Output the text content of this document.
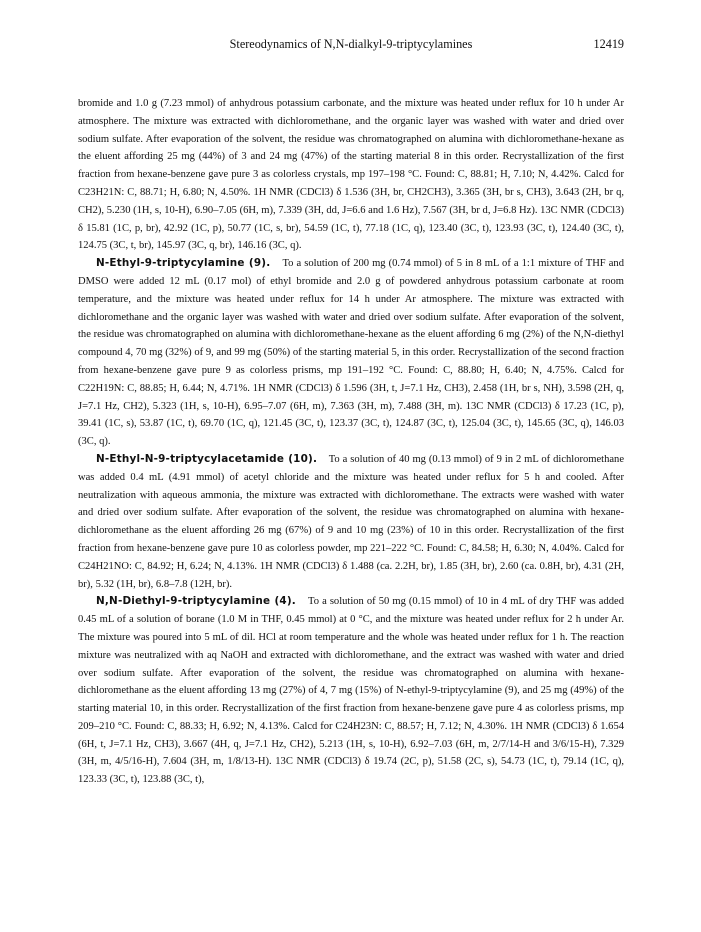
Stereodynamics of N,N-dialkyl-9-triptycylamines	12419

bromide and 1.0 g (7.23 mmol) of anhydrous potassium carbonate, and the mixture was heated under reflux for 10 h under Ar atmosphere. The mixture was extracted with dichloromethane, and the organic layer was washed with water and dried over sodium sulfate. After evaporation of the solvent, the residue was chromatographed on alumina with dichloromethane-hexane as the eluent affording 25 mg (44%) of 3 and 24 mg (47%) of the starting material 8 in this order. Recrystallization of the first fraction from hexane-benzene gave pure 3 as colorless crystals, mp 197–198 °C. Found: C, 88.81; H, 7.10; N, 4.42%. Calcd for C23H21N: C, 88.71; H, 6.80; N, 4.50%. 1H NMR (CDCl3) δ 1.536 (3H, br, CH2CH3), 3.365 (3H, br s, CH3), 3.643 (2H, br q, CH2), 5.230 (1H, s, 10-H), 6.90–7.05 (6H, m), 7.339 (3H, dd, J=6.6 and 1.6 Hz), 7.567 (3H, br d, J=6.8 Hz). 13C NMR (CDCl3) δ 15.81 (1C, p, br), 42.92 (1C, p), 50.77 (1C, s, br), 54.59 (1C, t), 77.18 (1C, q), 123.40 (3C, t), 123.93 (3C, t), 124.40 (3C, t), 124.75 (3C, t, br), 145.97 (3C, q, br), 146.16 (3C, q).

N-Ethyl-9-triptycylamine (9). To a solution of 200 mg (0.74 mmol) of 5 in 8 mL of a 1:1 mixture of THF and DMSO were added 12 mL (0.17 mol) of ethyl bromide and 2.0 g of powdered anhydrous potassium carbonate at room temperature, and the mixture was heated under reflux for 14 h under Ar atmosphere. The mixture was extracted with dichloromethane and the organic layer was washed with water and dried over sodium sulfate. After evaporation of the solvent, the residue was chromatographed on alumina with dichloromethane-hexane as the eluent affording 6 mg (2%) of the N,N-diethyl compound 4, 70 mg (32%) of 9, and 99 mg (50%) of the starting material 5, in this order. Recrystallization of the second fraction from hexane-benzene gave pure 9 as colorless prisms, mp 191–192 °C. Found: C, 88.80; H, 6.40; N, 4.75%. Calcd for C22H19N: C, 88.85; H, 6.44; N, 4.71%. 1H NMR (CDCl3) δ 1.596 (3H, t, J=7.1 Hz, CH3), 2.458 (1H, br s, NH), 3.598 (2H, q, J=7.1 Hz, CH2), 5.323 (1H, s, 10-H), 6.95–7.07 (6H, m), 7.363 (3H, m), 7.488 (3H, m). 13C NMR (CDCl3) δ 17.23 (1C, p), 39.41 (1C, s), 53.87 (1C, t), 69.70 (1C, q), 121.45 (3C, t), 123.37 (3C, t), 124.87 (3C, t), 125.04 (3C, t), 145.65 (3C, q), 146.03 (3C, q).

N-Ethyl-N-9-triptycylacetamide (10). To a solution of 40 mg (0.13 mmol) of 9 in 2 mL of dichloromethane was added 0.4 mL (4.91 mmol) of acetyl chloride and the mixture was heated under reflux for 5 h and cooled. After neutralization with aqueous ammonia, the mixture was extracted with dichloromethane. The extracts were washed with water and dried over sodium sulfate. After evaporation of the solvent, the residue was chromatographed on alumina with hexane-dichloromethane as the eluent affording 26 mg (67%) of 9 and 10 mg (23%) of 10 in this order. Recrystallization of the first fraction from hexane-benzene gave pure 10 as colorless powder, mp 221–222 °C. Found: C, 84.58; H, 6.30; N, 4.04%. Calcd for C24H21NO: C, 84.92; H, 6.24; N, 4.13%. 1H NMR (CDCl3) δ 1.488 (ca. 2.2H, br), 1.85 (3H, br), 2.60 (ca. 0.8H, br), 4.31 (2H, br), 5.32 (1H, br), 6.8–7.8 (12H, br).

N,N-Diethyl-9-triptycylamine (4). To a solution of 50 mg (0.15 mmol) of 10 in 4 mL of dry THF was added 0.45 mL of a solution of borane (1.0 M in THF, 0.45 mmol) at 0 °C, and the mixture was heated under reflux for 2 h under Ar. The mixture was poured into 5 mL of dil. HCl at room temperature and the whole was heated under reflux for 1 h. The reaction mixture was neutralized with aq NaOH and extracted with dichloromethane, and the extract was washed with water and dried over sodium sulfate. After evaporation of the solvent, the residue was chromatographed on alumina with hexane-dichloromethane as the eluent affording 13 mg (27%) of 4, 7 mg (15%) of N-ethyl-9-triptycylamine (9), and 25 mg (49%) of the starting material 10, in this order. Recrystallization of the first fraction from hexane-benzene gave pure 4 as colorless prisms, mp 209–210 °C. Found: C, 88.33; H, 6.92; N, 4.13%. Calcd for C24H23N: C, 88.57; H, 7.12; N, 4.30%. 1H NMR (CDCl3) δ 1.654 (6H, t, J=7.1 Hz, CH3), 3.667 (4H, q, J=7.1 Hz, CH2), 5.213 (1H, s, 10-H), 6.92–7.03 (6H, m, 2/7/14-H and 3/6/15-H), 7.329 (3H, m, 4/5/16-H), 7.604 (3H, m, 1/8/13-H). 13C NMR (CDCl3) δ 19.74 (2C, p), 51.58 (2C, s), 54.73 (1C, t), 79.14 (1C, q), 123.33 (3C, t), 123.88 (3C, t),
